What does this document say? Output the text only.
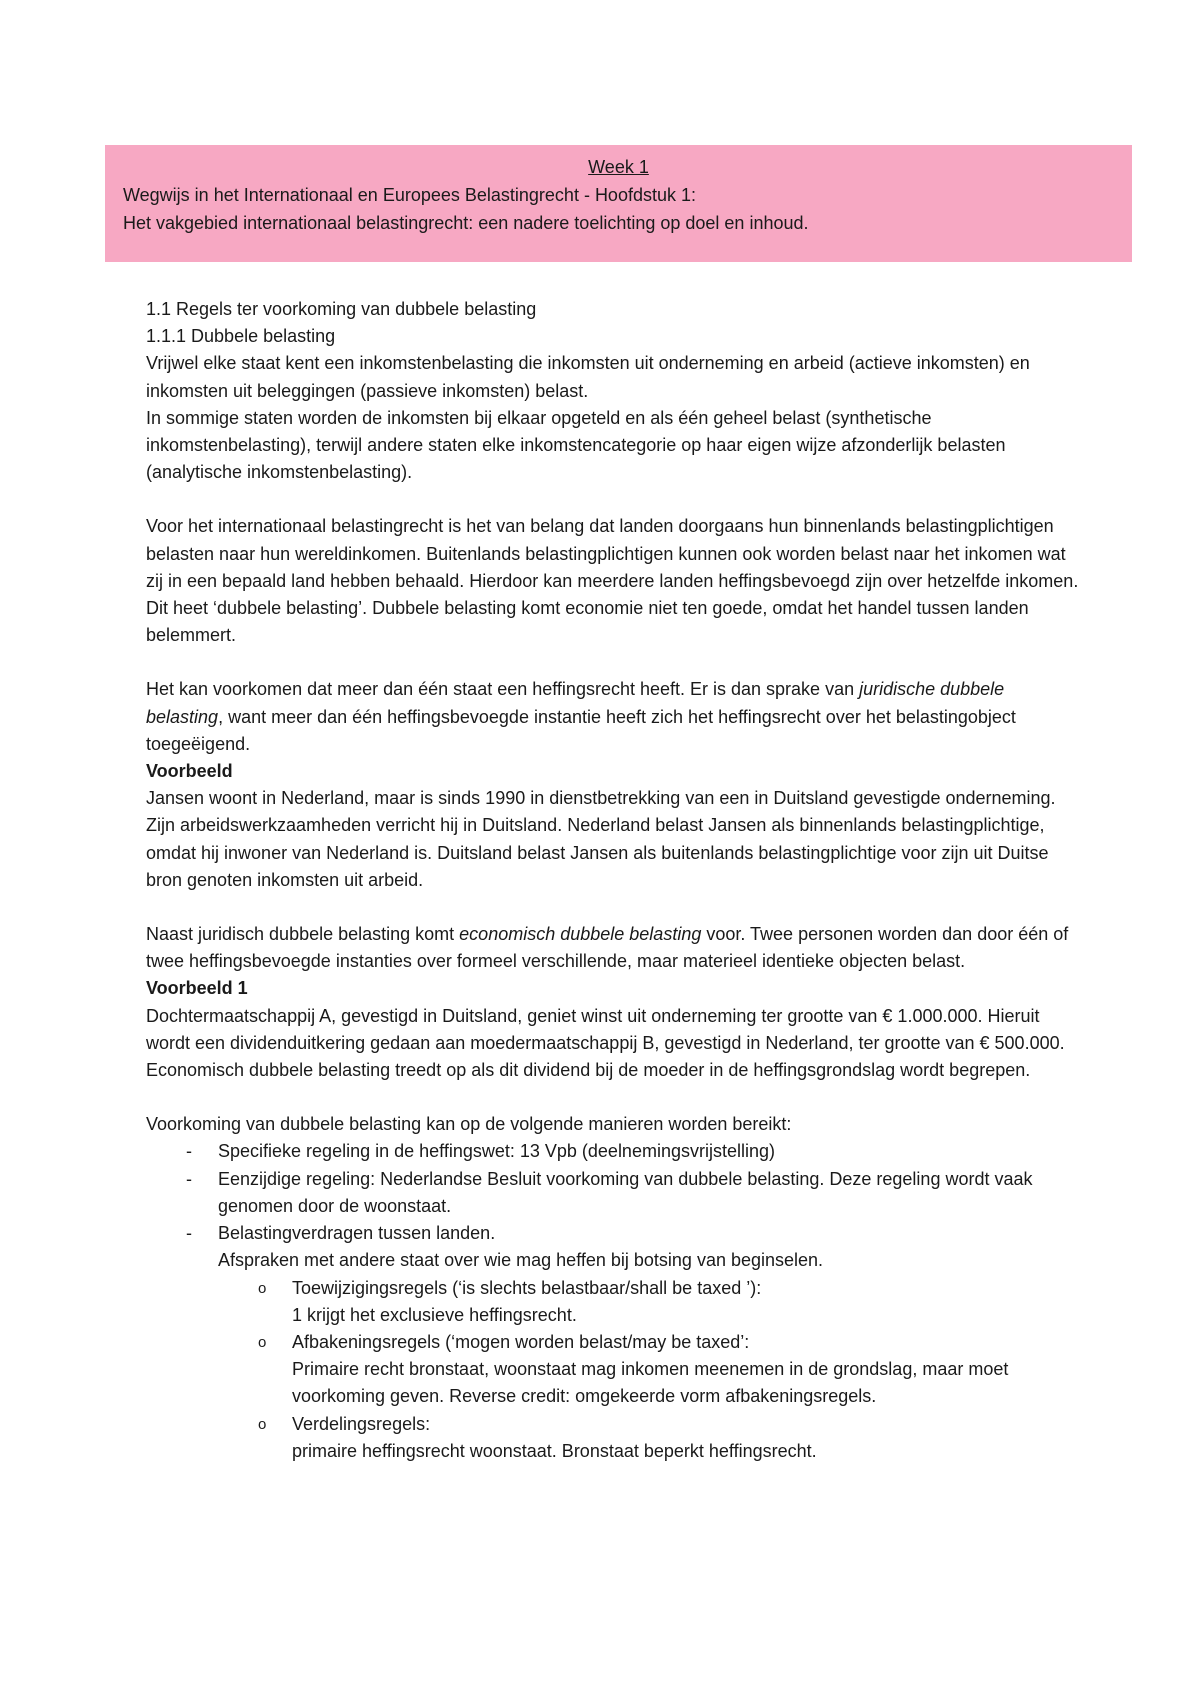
Week 1
Wegwijs in het Internationaal en Europees Belastingrecht - Hoofdstuk 1:
Het vakgebied internationaal belastingrecht: een nadere toelichting op doel en inhoud.

1.1 Regels ter voorkoming van dubbele belasting

1.1.1 Dubbele belasting

Vrijwel elke staat kent een inkomstenbelasting die inkomsten uit onderneming en arbeid (actieve inkomsten) en inkomsten uit beleggingen (passieve inkomsten) belast.

In sommige staten worden de inkomsten bij elkaar opgeteld en als één geheel belast (synthetische inkomstenbelasting), terwijl andere staten elke inkomstencategorie op haar eigen wijze afzonderlijk belasten (analytische inkomstenbelasting).

Voor het internationaal belastingrecht is het van belang dat landen doorgaans hun binnenlands belastingplichtigen belasten naar hun wereldinkomen. Buitenlands belastingplichtigen kunnen ook worden belast naar het inkomen wat zij in een bepaald land hebben behaald. Hierdoor kan meerdere landen heffingsbevoegd zijn over hetzelfde inkomen. Dit heet ‘dubbele belasting’. Dubbele belasting komt economie niet ten goede, omdat het handel tussen landen belemmert.

Het kan voorkomen dat meer dan één staat een heffingsrecht heeft. Er is dan sprake van juridische dubbele belasting, want meer dan één heffingsbevoegde instantie heeft zich het heffingsrecht over het belastingobject toegeëigend.

Voorbeeld

Jansen woont in Nederland, maar is sinds 1990 in dienstbetrekking van een in Duitsland gevestigde onderneming. Zijn arbeidswerkzaamheden verricht hij in Duitsland. Nederland belast Jansen als binnenlands belastingplichtige, omdat hij inwoner van Nederland is. Duitsland belast Jansen als buitenlands belastingplichtige voor zijn uit Duitse bron genoten inkomsten uit arbeid.

Naast juridisch dubbele belasting komt economisch dubbele belasting voor. Twee personen worden dan door één of twee heffingsbevoegde instanties over formeel verschillende, maar materieel identieke objecten belast.

Voorbeeld 1

Dochtermaatschappij A, gevestigd in Duitsland, geniet winst uit onderneming ter grootte van € 1.000.000. Hieruit wordt een dividenduitkering gedaan aan moedermaatschappij B, gevestigd in Nederland, ter grootte van € 500.000. Economisch dubbele belasting treedt op als dit dividend bij de moeder in de heffingsgrondslag wordt begrepen.

Voorkoming van dubbele belasting kan op de volgende manieren worden bereikt:

- Specifieke regeling in de heffingswet: 13 Vpb (deelnemingsvrijstelling)
- Eenzijdige regeling: Nederlandse Besluit voorkoming van dubbele belasting. Deze regeling wordt vaak genomen door de woonstaat.
- Belastingverdragen tussen landen.
Afspraken met andere staat over wie mag heffen bij botsing van beginselen.
o Toewijzigingsregels (‘is slechts belastbaar/shall be taxed ’):
1 krijgt het exclusieve heffingsrecht.
o Afbakeningsregels (‘mogen worden belast/may be taxed’:
Primaire recht bronstaat, woonstaat mag inkomen meenemen in de grondslag, maar moet voorkoming geven. Reverse credit: omgekeerde vorm afbakeningsregels.
o Verdelingsregels:
primaire heffingsrecht woonstaat. Bronstaat beperkt heffingsrecht.
